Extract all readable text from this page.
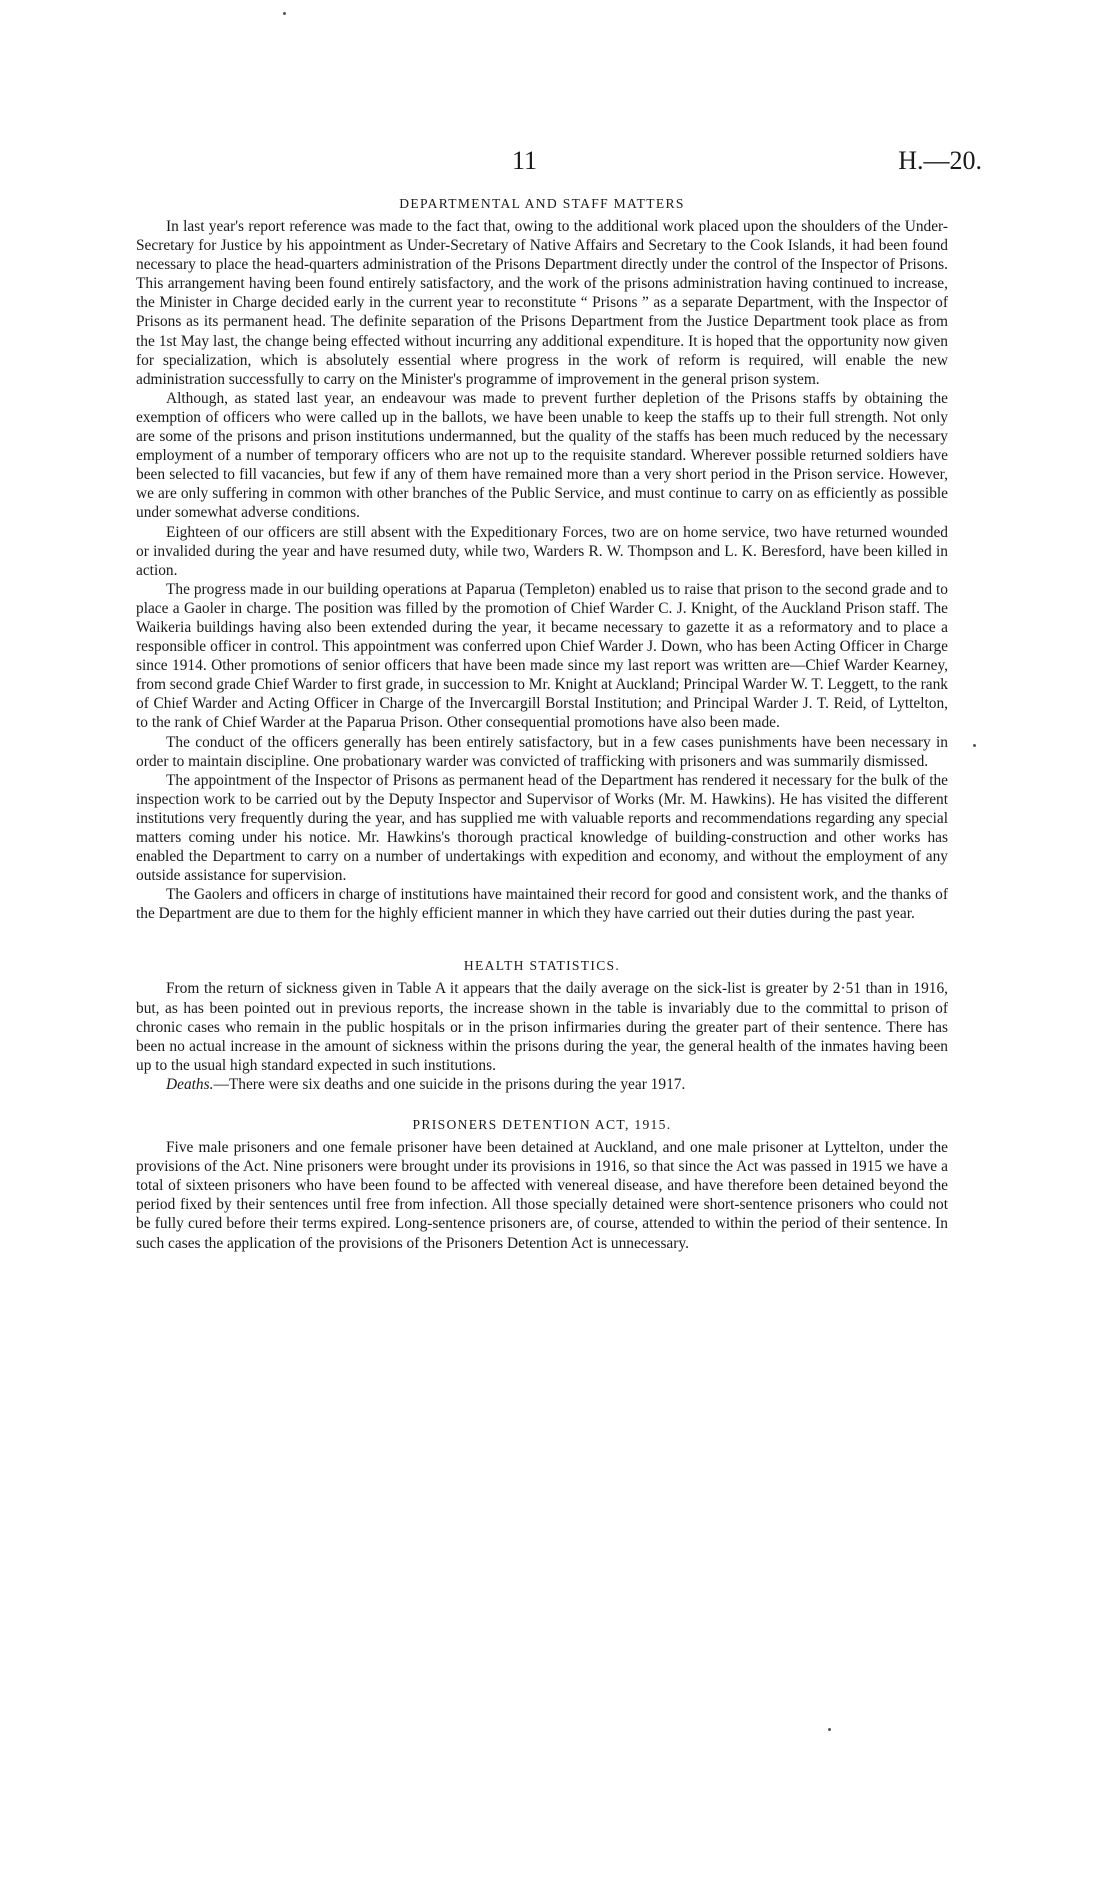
11	H.—20.
DEPARTMENTAL AND STAFF MATTERS

In last year's report reference was made to the fact that, owing to the additional work placed upon the shoulders of the Under-Secretary for Justice by his appointment as Under-Secretary of Native Affairs and Secretary to the Cook Islands, it had been found necessary to place the head-quarters administration of the Prisons Department directly under the control of the Inspector of Prisons. This arrangement having been found entirely satisfactory, and the work of the prisons administration having continued to increase, the Minister in Charge decided early in the current year to reconstitute “ Prisons ” as a separate Department, with the Inspector of Prisons as its permanent head. The definite separation of the Prisons Department from the Justice Department took place as from the 1st May last, the change being effected without incurring any additional expenditure. It is hoped that the opportunity now given for specialization, which is absolutely essential where progress in the work of reform is required, will enable the new administration successfully to carry on the Minister's programme of improvement in the general prison system.

Although, as stated last year, an endeavour was made to prevent further depletion of the Prisons staffs by obtaining the exemption of officers who were called up in the ballots, we have been unable to keep the staffs up to their full strength. Not only are some of the prisons and prison institutions undermanned, but the quality of the staffs has been much reduced by the necessary employment of a number of temporary officers who are not up to the requisite standard. Wherever possible returned soldiers have been selected to fill vacancies, but few if any of them have remained more than a very short period in the Prison service. However, we are only suffering in common with other branches of the Public Service, and must continue to carry on as efficiently as possible under somewhat adverse conditions.

Eighteen of our officers are still absent with the Expeditionary Forces, two are on home service, two have returned wounded or invalided during the year and have resumed duty, while two, Warders R. W. Thompson and L. K. Beresford, have been killed in action.

The progress made in our building operations at Paparua (Templeton) enabled us to raise that prison to the second grade and to place a Gaoler in charge. The position was filled by the promotion of Chief Warder C. J. Knight, of the Auckland Prison staff. The Waikeria buildings having also been extended during the year, it became necessary to gazette it as a reformatory and to place a responsible officer in control. This appointment was conferred upon Chief Warder J. Down, who has been Acting Officer in Charge since 1914. Other promotions of senior officers that have been made since my last report was written are—Chief Warder Kearney, from second grade Chief Warder to first grade, in succession to Mr. Knight at Auckland; Principal Warder W. T. Leggett, to the rank of Chief Warder and Acting Officer in Charge of the Invercargill Borstal Institution; and Principal Warder J. T. Reid, of Lyttelton, to the rank of Chief Warder at the Paparua Prison. Other consequential promotions have also been made.

The conduct of the officers generally has been entirely satisfactory, but in a few cases punishments have been necessary in order to maintain discipline. One probationary warder was convicted of trafficking with prisoners and was summarily dismissed.

The appointment of the Inspector of Prisons as permanent head of the Department has rendered it necessary for the bulk of the inspection work to be carried out by the Deputy Inspector and Supervisor of Works (Mr. M. Hawkins). He has visited the different institutions very frequently during the year, and has supplied me with valuable reports and recommendations regarding any special matters coming under his notice. Mr. Hawkins's thorough practical knowledge of building-construction and other works has enabled the Department to carry on a number of undertakings with expedition and economy, and without the employment of any outside assistance for supervision.

The Gaolers and officers in charge of institutions have maintained their record for good and consistent work, and the thanks of the Department are due to them for the highly efficient manner in which they have carried out their duties during the past year.

HEALTH STATISTICS.

From the return of sickness given in Table A it appears that the daily average on the sick-list is greater by 2·51 than in 1916, but, as has been pointed out in previous reports, the increase shown in the table is invariably due to the committal to prison of chronic cases who remain in the public hospitals or in the prison infirmaries during the greater part of their sentence. There has been no actual increase in the amount of sickness within the prisons during the year, the general health of the inmates having been up to the usual high standard expected in such institutions.

Deaths.—There were six deaths and one suicide in the prisons during the year 1917.

PRISONERS DETENTION ACT, 1915.

Five male prisoners and one female prisoner have been detained at Auckland, and one male prisoner at Lyttelton, under the provisions of the Act. Nine prisoners were brought under its provisions in 1916, so that since the Act was passed in 1915 we have a total of sixteen prisoners who have been found to be affected with venereal disease, and have therefore been detained beyond the period fixed by their sentences until free from infection. All those specially detained were short-sentence prisoners who could not be fully cured before their terms expired. Long-sentence prisoners are, of course, attended to within the period of their sentence. In such cases the application of the provisions of the Prisoners Detention Act is unnecessary.
